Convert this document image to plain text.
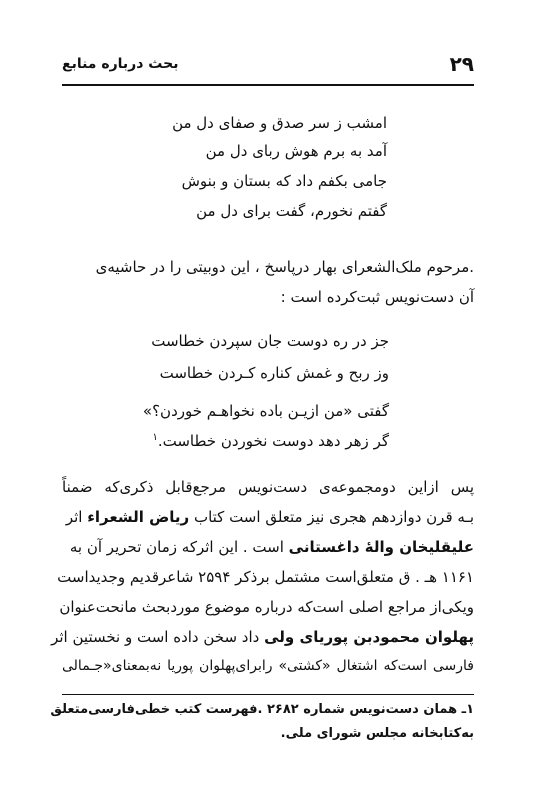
۲۹
بحث درباره منابع
امشب ز سر صدق و صفای دل من
آمد به برم هوش ربای دل من
جامی بکفم داد که بستان و بنوش
گفتم نخورم، گفت برای دل من
.مرحوم ملک‌الشعرای بهار درپاسخ ، این دوبیتی را در حاشیه‌ی
آن دست‌نویس ثبت‌کرده است :
جز در ره دوست جان سپردن خطاست
وز ربح و غمش کناره کـردن خطاست
گفتی «من ازیـن باده نخواهـم خوردن؟»
گر زهر دهد دوست نخوردن خطاست.$^۱$
پس ازاین دومجموعه‌ی دست‌نویس مرجع‌قابل ذکری‌که ضمناً
بـه قرن دوازدهم هجری نیز متعلق است کتاب ریاض الشعراء اثر
علیقلیخان والهٔ داغستانی است . این اثرکه زمان تحریر آن به
۱۱۶۱ هـ . ق متعلق‌است مشتمل برذکر ۲۵۹۴ شاعرقدیم وجدیداست
ویکی‌از مراجع اصلی است‌که درباره موضوع موردبحث مانحت‌عنوان
پهلوان محمودبن پوریای ولی داد سخن داده است و نخستین اثر
فارسی است‌که اشتغال «کشتی» رابرای‌پهلوان پوریا نه‌بمعنای«جـمالی
۱ـ همان دست‌نویس شماره ۲۶۸۲ .فهرست کتب خطی‌فارسی‌متعلق
به‌کتابخانه مجلس شورای ملی.
